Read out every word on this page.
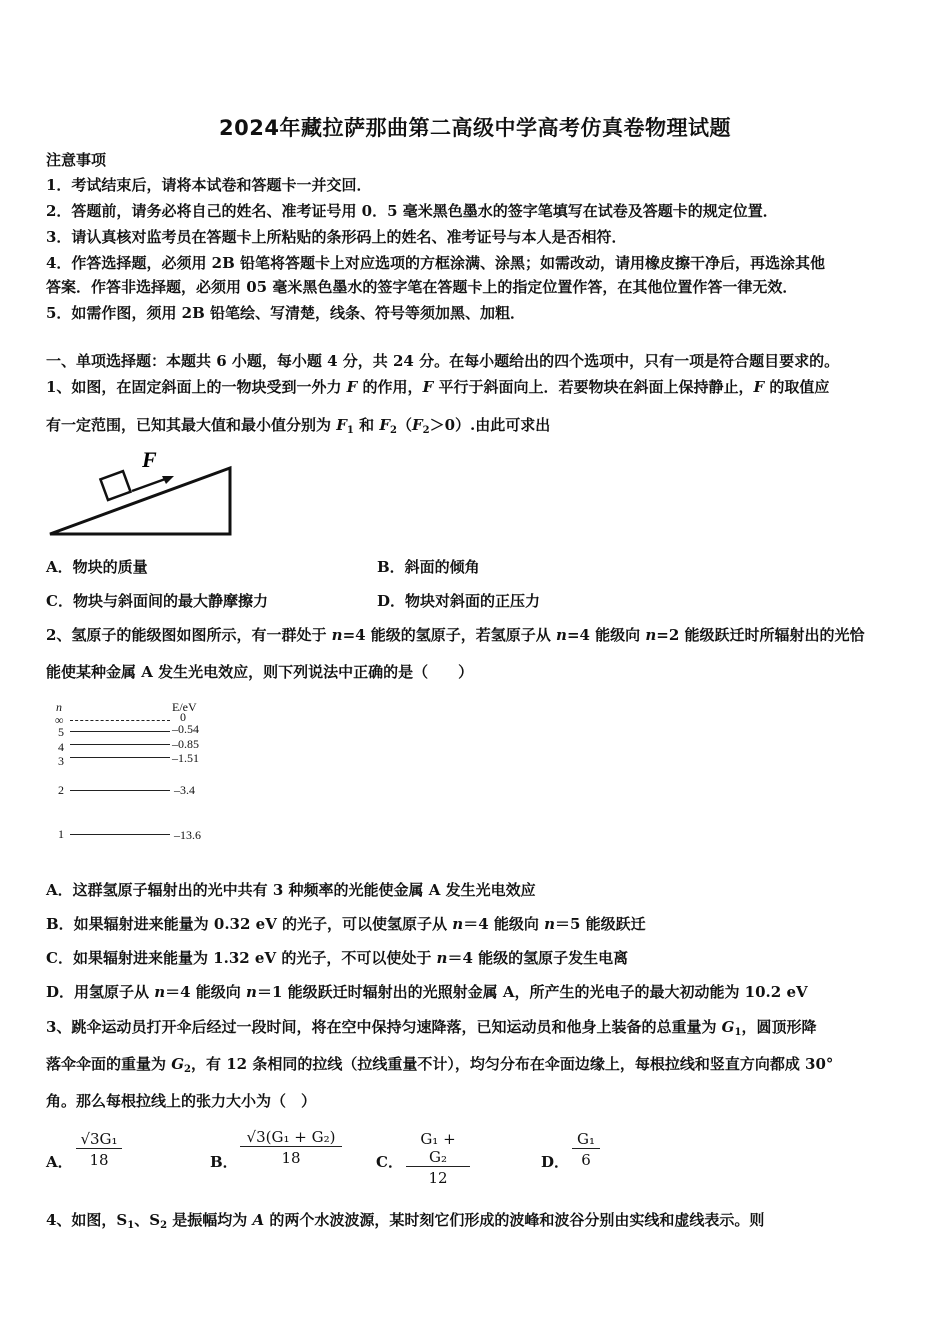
2024年藏拉萨那曲第二高级中学高考仿真卷物理试题
注意事项
1．考试结束后，请将本试卷和答题卡一并交回．
2．答题前，请务必将自己的姓名、准考证号用 0．5 毫米黑色墨水的签字笔填写在试卷及答题卡的规定位置．
3．请认真核对监考员在答题卡上所粘贴的条形码上的姓名、准考证号与本人是否相符．
4．作答选择题，必须用 2B 铅笔将答题卡上对应选项的方框涂满、涂黑；如需改动，请用橡皮擦干净后，再选涂其他
答案．作答非选择题，必须用 05 毫米黑色墨水的签字笔在答题卡上的指定位置作答，在其他位置作答一律无效．
5．如需作图，须用 2B 铅笔绘、写清楚，线条、符号等须加黑、加粗．
一、单项选择题：本题共 6 小题，每小题 4 分，共 24 分。在每小题给出的四个选项中，只有一项是符合题目要求的。
1、如图，在固定斜面上的一物块受到一外力 F 的作用，F 平行于斜面向上．若要物块在斜面上保持静止，F 的取值应
有一定范围，已知其最大值和最小值分别为 $F_1$ 和 $F_2(F_2>0)$.由此可求出
F
A．物块的质量	B．斜面的倾角
C．物块与斜面间的最大静摩擦力	D．物块对斜面的正压力
2、氢原子的能级图如图所示，有一群处于 n=4 能级的氢原子，若氢原子从 n=4 能级向 n=2 能级跃迁时所辐射出的光恰
能使某种金属 A 发生光电效应，则下列说法中正确的是（　　）
n	E/eV
∞	0
5	–0.54
4	–0.85
3	–1.51
2	–3.4
1	–13.6
A．这群氢原子辐射出的光中共有 3 种频率的光能使金属 A 发生光电效应
B．如果辐射进来能量为 0.32 eV 的光子，可以使氢原子从 n＝4 能级向 n＝5 能级跃迁
C．如果辐射进来能量为 1.32 eV 的光子，不可以使处于 n＝4 能级的氢原子发生电离
D．用氢原子从 n＝4 能级向 n＝1 能级跃迁时辐射出的光照射金属 A，所产生的光电子的最大初动能为 10.2 eV
3、跳伞运动员打开伞后经过一段时间，将在空中保持匀速降落，已知运动员和他身上装备的总重量为 $G_1$，圆顶形降
落伞伞面的重量为 $G_2$，有 12 条相同的拉线（拉线重量不计），均匀分布在伞面边缘上，每根拉线和竖直方向都成 30°
角。那么每根拉线上的张力大小为（　）
A． $\frac{\text{√3G₁}}{18}$	B． $\frac{\text{√3(G₁ + G₂)}}{18}$ C． $\frac{\text{G₁ + G₂}}{12}$	D． $\frac{\text{G₁}}{6}$
4、如图，$S_1$、$S_2$ 是振幅均为 A 的两个水波波源，某时刻它们形成的波峰和波谷分别由实线和虚线表示。则
